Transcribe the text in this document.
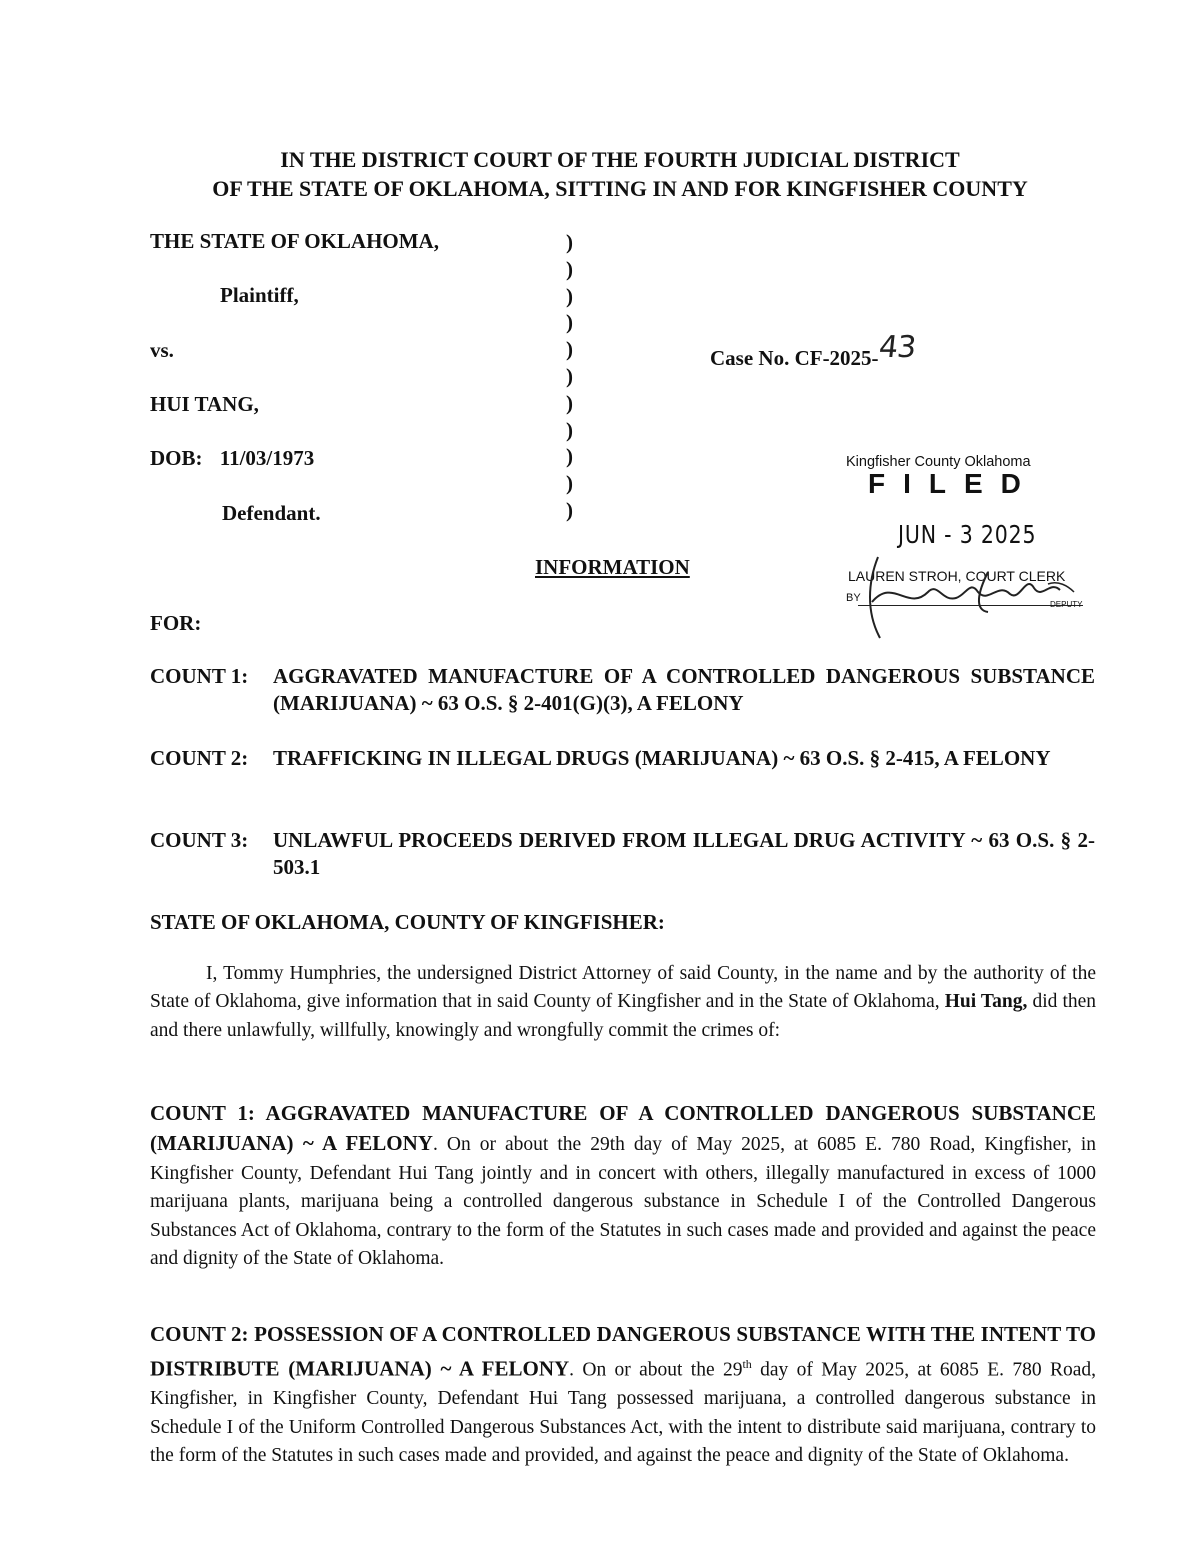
IN THE DISTRICT COURT OF THE FOURTH JUDICIAL DISTRICT
OF THE STATE OF OKLAHOMA, SITTING IN AND FOR KINGFISHER COUNTY
THE STATE OF OKLAHOMA,
Plaintiff,
vs.
HUI TANG,
DOB: 11/03/1973
Defendant.
)
)
)
)
)
)
)
)
)
)
)
Case No. CF-2025-43
Kingfisher County Oklahoma
FILED
JUN - 3 2025
LAUREN STROH, COURT CLERK
BY
DEPUTY
INFORMATION
FOR:
COUNT 1: AGGRAVATED MANUFACTURE OF A CONTROLLED DANGEROUS SUBSTANCE (MARIJUANA) ~ 63 O.S. § 2-401(G)(3), A FELONY
COUNT 2: TRAFFICKING IN ILLEGAL DRUGS (MARIJUANA) ~ 63 O.S. § 2-415, A FELONY
COUNT 3: UNLAWFUL PROCEEDS DERIVED FROM ILLEGAL DRUG ACTIVITY ~ 63 O.S. § 2-503.1
STATE OF OKLAHOMA, COUNTY OF KINGFISHER:
I, Tommy Humphries, the undersigned District Attorney of said County, in the name and by the authority of the State of Oklahoma, give information that in said County of Kingfisher and in the State of Oklahoma, Hui Tang, did then and there unlawfully, willfully, knowingly and wrongfully commit the crimes of:
COUNT 1: AGGRAVATED MANUFACTURE OF A CONTROLLED DANGEROUS SUBSTANCE (MARIJUANA) ~ A FELONY. On or about the 29th day of May 2025, at 6085 E. 780 Road, Kingfisher, in Kingfisher County, Defendant Hui Tang jointly and in concert with others, illegally manufactured in excess of 1000 marijuana plants, marijuana being a controlled dangerous substance in Schedule I of the Controlled Dangerous Substances Act of Oklahoma, contrary to the form of the Statutes in such cases made and provided and against the peace and dignity of the State of Oklahoma.
COUNT 2: POSSESSION OF A CONTROLLED DANGEROUS SUBSTANCE WITH THE INTENT TO DISTRIBUTE (MARIJUANA) ~ A FELONY. On or about the 29th day of May 2025, at 6085 E. 780 Road, Kingfisher, in Kingfisher County, Defendant Hui Tang possessed marijuana, a controlled dangerous substance in Schedule I of the Uniform Controlled Dangerous Substances Act, with the intent to distribute said marijuana, contrary to the form of the Statutes in such cases made and provided, and against the peace and dignity of the State of Oklahoma.
